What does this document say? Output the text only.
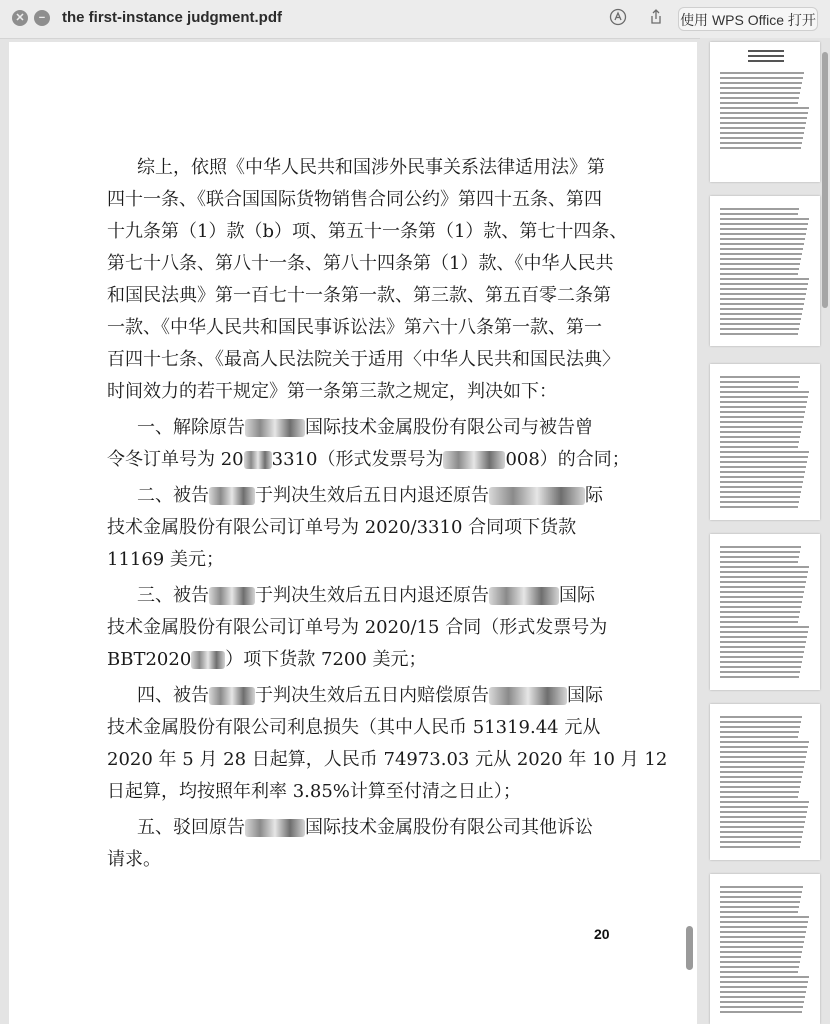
✕	−	the first-instance judgment.pdf	使用 WPS Office 打开
综上，依照《中华人民共和国涉外民事关系法律适用法》第
四十一条、《联合国国际货物销售合同公约》第四十五条、第四
十九条第（1）款（b）项、第五十一条第（1）款、第七十四条、
第七十八条、第八十一条、第八十四条第（1）款、《中华人民共
和国民法典》第一百七十一条第一款、第三款、第五百零二条第
一款、《中华人民共和国民事诉讼法》第六十八条第一款、第一
百四十七条、《最高人民法院关于适用〈中华人民共和国民法典〉
时间效力的若干规定》第一条第三款之规定，判决如下：
一、解除原告	国际技术金属股份有限公司与被告曾
令冬订单号为 20 3310（形式发票号为	008）的合同；
二、被告	于判决生效后五日内退还原告	际
技术金属股份有限公司订单号为 2020/3310 合同项下货款
11169 美元；
三、被告	于判决生效后五日内退还原告	国际
技术金属股份有限公司订单号为 2020/15 合同（形式发票号为
BBT2020 ）项下货款 7200 美元；
四、被告	于判决生效后五日内赔偿原告	国际
技术金属股份有限公司利息损失（其中人民币 51319.44 元从
2020 年 5 月 28 日起算，人民币 74973.03 元从 2020 年 10 月 12
日起算，均按照年利率 3.85%计算至付清之日止）；
五、驳回原告	国际技术金属股份有限公司其他诉讼
请求。
20
